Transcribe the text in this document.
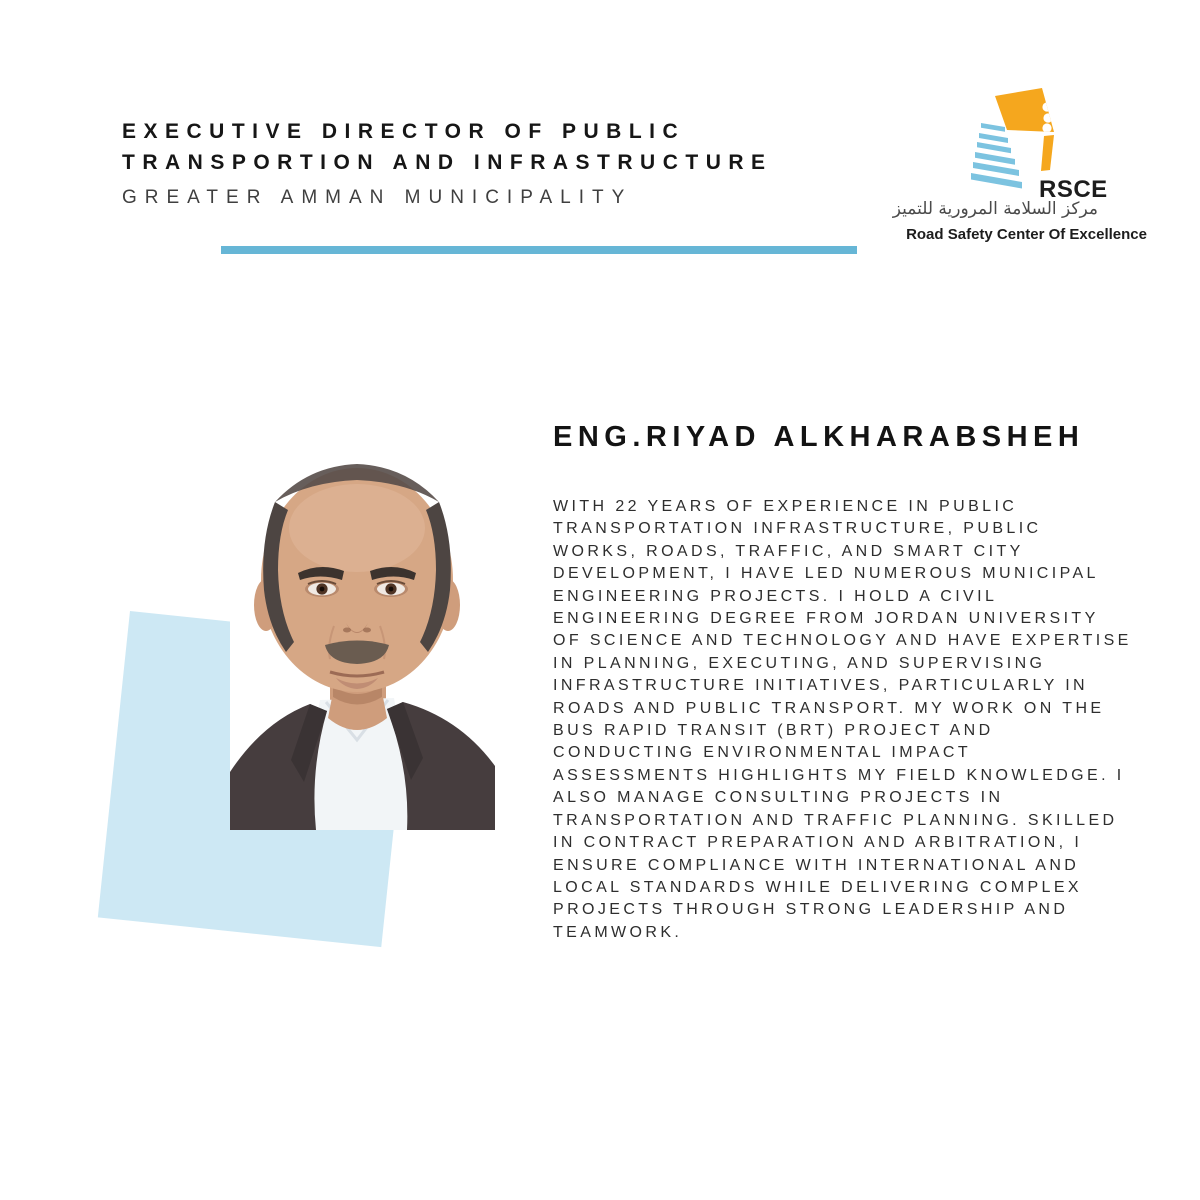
EXECUTIVE DIRECTOR OF PUBLIC
TRANSPORTION AND INFRASTRUCTURE
GREATER AMMAN MUNICIPALITY	RSCE
مركز السلامة المرورية للتميز
Road Safety Center Of Excellence
ENG.RIYAD ALKHARABSHEH

WITH 22 YEARS OF EXPERIENCE IN PUBLIC TRANSPORTATION INFRASTRUCTURE, PUBLIC WORKS, ROADS, TRAFFIC, AND SMART CITY DEVELOPMENT, I HAVE LED NUMEROUS MUNICIPAL ENGINEERING PROJECTS. I HOLD A CIVIL ENGINEERING DEGREE FROM JORDAN UNIVERSITY OF SCIENCE AND TECHNOLOGY AND HAVE EXPERTISE IN PLANNING, EXECUTING, AND SUPERVISING INFRASTRUCTURE INITIATIVES, PARTICULARLY IN ROADS AND PUBLIC TRANSPORT. MY WORK ON THE BUS RAPID TRANSIT (BRT) PROJECT AND CONDUCTING ENVIRONMENTAL IMPACT ASSESSMENTS HIGHLIGHTS MY FIELD KNOWLEDGE. I ALSO MANAGE CONSULTING PROJECTS IN TRANSPORTATION AND TRAFFIC PLANNING. SKILLED IN CONTRACT PREPARATION AND ARBITRATION, I ENSURE COMPLIANCE WITH INTERNATIONAL AND LOCAL STANDARDS WHILE DELIVERING COMPLEX PROJECTS THROUGH STRONG LEADERSHIP AND TEAMWORK.
